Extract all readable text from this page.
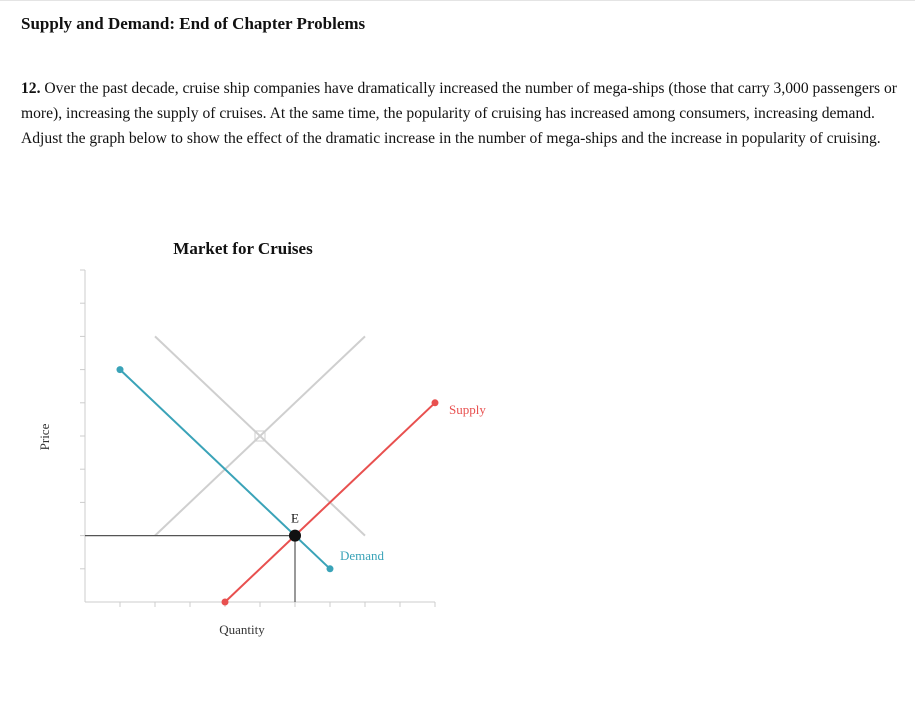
Supply and Demand: End of Chapter Problems

12. Over the past decade, cruise ship companies have dramatically increased the number of mega-ships (those that carry 3,000 passengers or more), increasing the supply of cruises. At the same time, the popularity of cruising has increased among consumers, increasing demand. Adjust the graph below to show the effect of the dramatic increase in the number of mega-ships and the increase in popularity of cruising.

Market for Cruises
Supply
Demand
E
Quantity
Price
